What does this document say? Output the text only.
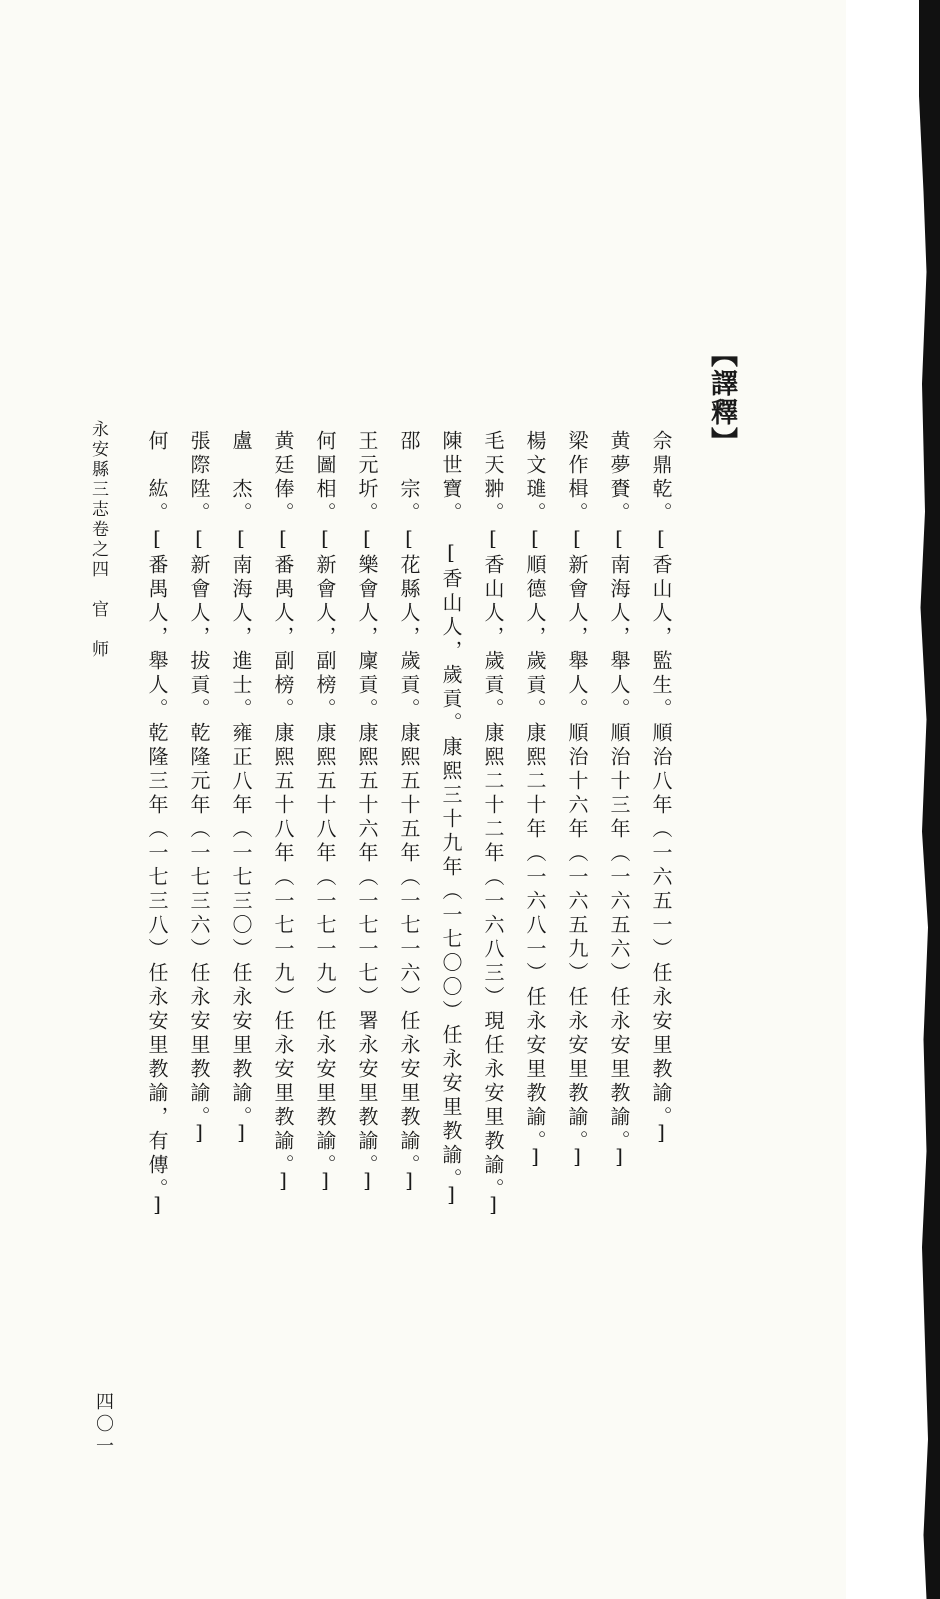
【譯釋】
佘鼎乾。[香山人，監生。順治八年（一六五一）任永安里教諭。]
黄夢賚。[南海人，舉人。順治十三年（一六五六）任永安里教諭。]
梁作楫。[新會人，舉人。順治十六年（一六五九）任永安里教諭。]
楊文璡。[順德人，歲貢。康熙二十年（一六八一）任永安里教諭。]
毛天翀。[香山人，歲貢。康熙二十二年（一六八三）現任永安里教諭。]
陳世寶。　[香山人，歲貢。康熙三十九年（一七〇〇）任永安里教諭。]
邵　宗。[花縣人，歲貢。康熙五十五年（一七一六）任永安里教諭。]
王元圻。[樂會人，廩貢。康熙五十六年（一七一七）署永安里教諭。]
何圖相。[新會人，副榜。康熙五十八年（一七一九）任永安里教諭。]
黄廷俸。[番禺人，副榜。康熙五十八年（一七一九）任永安里教諭。]
盧　杰。[南海人，進士。雍正八年（一七三〇）任永安里教諭。]
張際陞。[新會人，拔貢。乾隆元年（一七三六）任永安里教諭。]
何　紘。[番禺人，舉人。乾隆三年（一七三八）任永安里教諭，有傳。]
永安縣三志卷之四　官　师
四〇一
